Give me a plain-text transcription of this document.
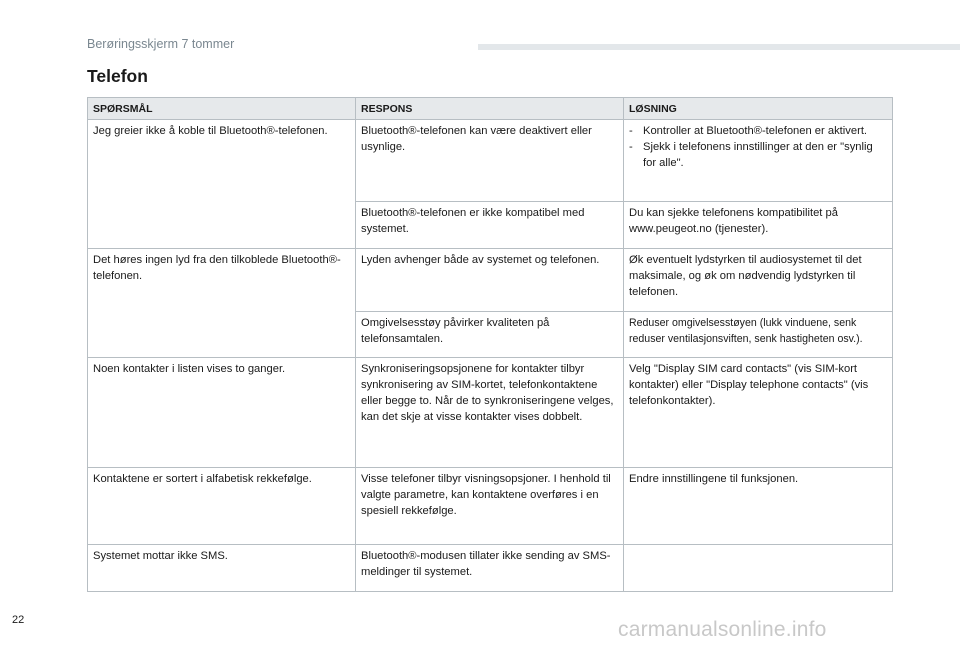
Berøringsskjerm 7 tommer
Telefon
SPØRSMÅL	RESPONS	LØSNING
Jeg greier ikke å koble til Bluetooth®-telefonen.	Bluetooth®-telefonen kan være deaktivert eller usynlige.	- Kontroller at Bluetooth®-telefonen er aktivert.
- Sjekk i telefonens innstillinger at den er "synlig for alle".

	Bluetooth®-telefonen er ikke kompatibel med systemet.	Du kan sjekke telefonens kompatibilitet på www.peugeot.no (tjenester).
Det høres ingen lyd fra den tilkoblede Bluetooth®-telefonen.	Lyden avhenger både av systemet og telefonen.	Øk eventuelt lydstyrken til audiosystemet til det maksimale, og øk om nødvendig lydstyrken til telefonen.
	Omgivelsesstøy påvirker kvaliteten på telefonsamtalen.	Reduser omgivelsesstøyen (lukk vinduene, senk reduser ventilasjonsviften, senk hastigheten osv.).
Noen kontakter i listen vises to ganger.	Synkroniseringsopsjonene for kontakter tilbyr synkronisering av SIM-kortet, telefonkontaktene eller begge to. Når de to synkroniseringene velges, kan det skje at visse kontakter vises dobbelt.	Velg "Display SIM card contacts" (vis SIM-kort kontakter) eller "Display telephone contacts" (vis telefonkontakter).
Kontaktene er sortert i alfabetisk rekkefølge.	Visse telefoner tilbyr visningsopsjoner. I henhold til valgte parametre, kan kontaktene overføres i en spesiell rekkefølge.	Endre innstillingene til funksjonen.
Systemet mottar ikke SMS.	Bluetooth®-modusen tillater ikke sending av SMS-meldinger til systemet.	
22	carmanualsonline.info
